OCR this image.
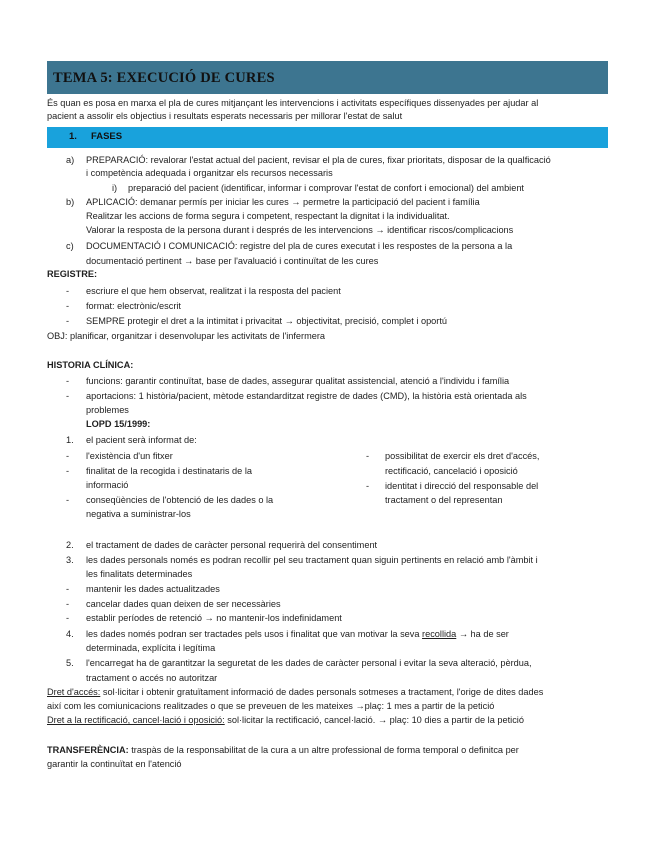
TEMA 5: EXECUCIÓ DE CURES
És quan es posa en marxa el pla de cures mitjançant les intervencions i activitats específiques dissenyades per ajudar al
pacient a assolir els objectius i resultats esperats necessaris per millorar l'estat de salut
1. FASES
a) PREPARACIÓ: revalorar l'estat actual del pacient, revisar el pla de cures, fixar prioritats, disposar de la qualficació
i competència adequada i organitzar els recursos necessaris
i) preparació del pacient (identificar, informar i comprovar l'estat de confort i emocional) del ambient
b) APLICACIÓ: demanar permís per iniciar les cures → permetre la participació del pacient i família
Realitzar les accions de forma segura i competent, respectant la dignitat i la individualitat.
Valorar la resposta de la persona durant i després de les intervencions → identificar riscos/complicacions
c) DOCUMENTACIÓ I COMUNICACIÓ: registre del pla de cures executat i les respostes de la persona a la
documentació pertinent → base per l'avaluació i continuïtat de les cures
REGISTRE:
- escriure el que hem observat, realitzat i la resposta del pacient
- format: electrònic/escrit
- SEMPRE protegir el dret a la intimitat i privacitat → objectivitat, precisió, complet i oportú
OBJ: planificar, organitzar i desenvolupar les activitats de l'infermera
HISTORIA CLÍNICA:
- funcions: garantir continuïtat, base de dades, assegurar qualitat assistencial, atenció a l'individu i família
- aportacions: 1 història/pacient, mètode estandarditzat registre de dades (CMD), la història està orientada als
problemes
LOPD 15/1999:
1. el pacient serà informat de:
- l'existència d'un fitxer
- finalitat de la recogida i destinataris de la
informació
- conseqüències de l'obtenció de les dades o la
negativa a suministrar-los
- possibilitat de exercir els dret d'accés,
rectificació, cancelació i oposició
- identitat i direcció del responsable del
tractament o del representan
2. el tractament de dades de caràcter personal requerirà del consentiment
3. les dades personals només es podran recollir pel seu tractament quan siguin pertinents en relació amb l'àmbit i
les finalitats determinades
- mantenir les dades actualitzades
- cancelar dades quan deixen de ser necessàries
- establir períodes de retenció → no mantenir-los indefinidament
4. les dades només podran ser tractades pels usos i finalitat que van motivar la seva recollida → ha de ser
determinada, explícita i legítima
5. l'encarregat ha de garantitzar la seguretat de les dades de caràcter personal i evitar la seva alteració, pèrdua,
tractament o accés no autoritzar
Dret d'accés: sol·licitar i obtenir gratuïtament informació de dades personals sotmeses a tractament, l'orige de dites dades
així com les comiunicacions realitzades o que se preveuen de les mateixes →plaç: 1 mes a partir de la petició
Dret a la rectificació, cancel·lació i oposició: sol·licitar la rectificació, cancel·lació. → plaç: 10 dies a partir de la petició
TRANSFERÈNCIA: traspàs de la responsabilitat de la cura a un altre professional de forma temporal o definitca per
garantir la continuïtat en l'atenció
